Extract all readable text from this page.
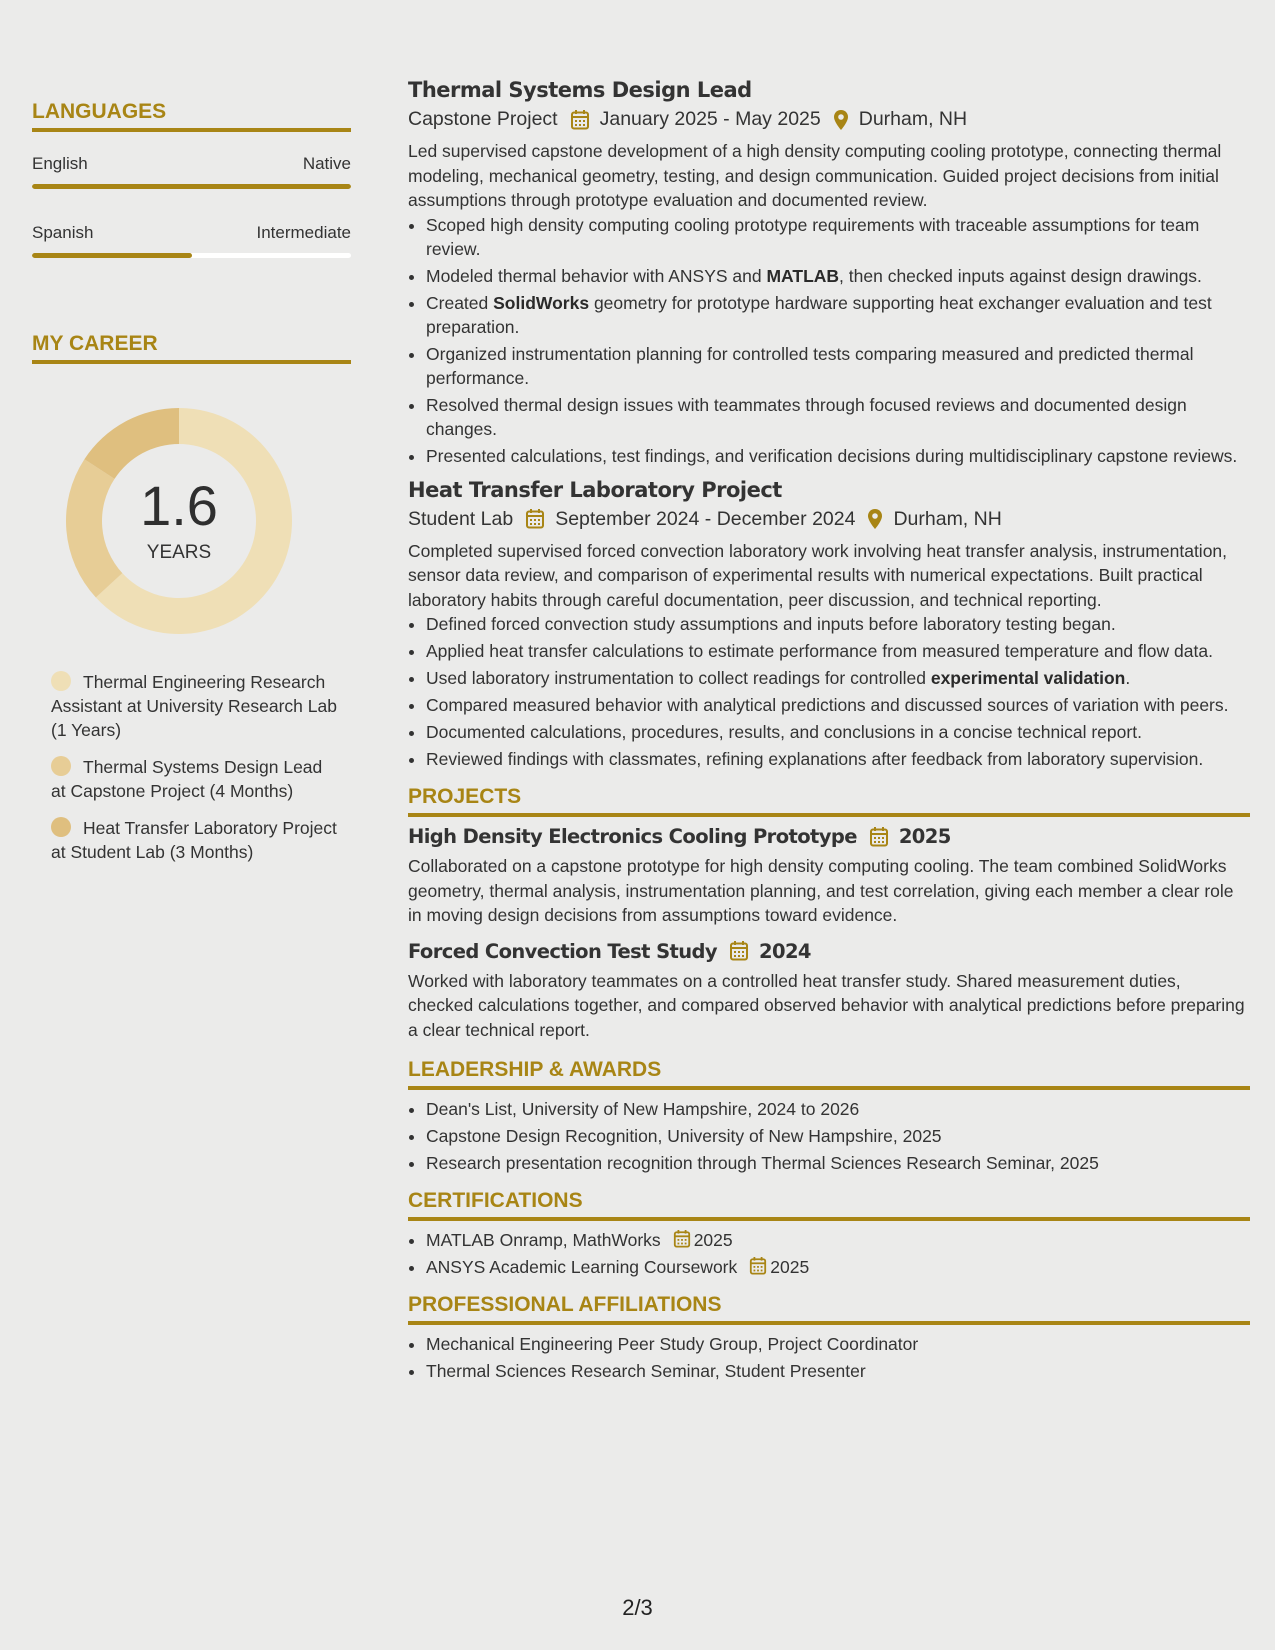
LANGUAGES
English	Native
Spanish	Intermediate
MY CAREER
1.6
YEARS
Thermal Engineering Research Assistant at University Research Lab (1 Years)
Thermal Systems Design Lead at Capstone Project (4 Months)
Heat Transfer Laboratory Project at Student Lab (3 Months)
Thermal Systems Design Lead
Capstone Project January 2025 - May 2025 Durham, NH
Led supervised capstone development of a high density computing cooling prototype, connecting thermal modeling, mechanical geometry, testing, and design communication. Guided project decisions from initial assumptions through prototype evaluation and documented review.
• Scoped high density computing cooling prototype requirements with traceable assumptions for team review.
• Modeled thermal behavior with ANSYS and MATLAB, then checked inputs against design drawings.
• Created SolidWorks geometry for prototype hardware supporting heat exchanger evaluation and test preparation.
• Organized instrumentation planning for controlled tests comparing measured and predicted thermal performance.
• Resolved thermal design issues with teammates through focused reviews and documented design changes.
• Presented calculations, test findings, and verification decisions during multidisciplinary capstone reviews.
Heat Transfer Laboratory Project
Student Lab September 2024 - December 2024 Durham, NH
Completed supervised forced convection laboratory work involving heat transfer analysis, instrumentation, sensor data review, and comparison of experimental results with numerical expectations. Built practical laboratory habits through careful documentation, peer discussion, and technical reporting.
• Defined forced convection study assumptions and inputs before laboratory testing began.
• Applied heat transfer calculations to estimate performance from measured temperature and flow data.
• Used laboratory instrumentation to collect readings for controlled experimental validation.
• Compared measured behavior with analytical predictions and discussed sources of variation with peers.
• Documented calculations, procedures, results, and conclusions in a concise technical report.
• Reviewed findings with classmates, refining explanations after feedback from laboratory supervision.
PROJECTS
High Density Electronics Cooling Prototype 2025
Collaborated on a capstone prototype for high density computing cooling. The team combined SolidWorks geometry, thermal analysis, instrumentation planning, and test correlation, giving each member a clear role in moving design decisions from assumptions toward evidence.
Forced Convection Test Study 2024
Worked with laboratory teammates on a controlled heat transfer study. Shared measurement duties, checked calculations together, and compared observed behavior with analytical predictions before preparing a clear technical report.
LEADERSHIP & AWARDS
• Dean's List, University of New Hampshire, 2024 to 2026
• Capstone Design Recognition, University of New Hampshire, 2025
• Research presentation recognition through Thermal Sciences Research Seminar, 2025
CERTIFICATIONS
• MATLAB Onramp, MathWorks 2025
• ANSYS Academic Learning Coursework 2025
PROFESSIONAL AFFILIATIONS
• Mechanical Engineering Peer Study Group, Project Coordinator
• Thermal Sciences Research Seminar, Student Presenter
2/3
